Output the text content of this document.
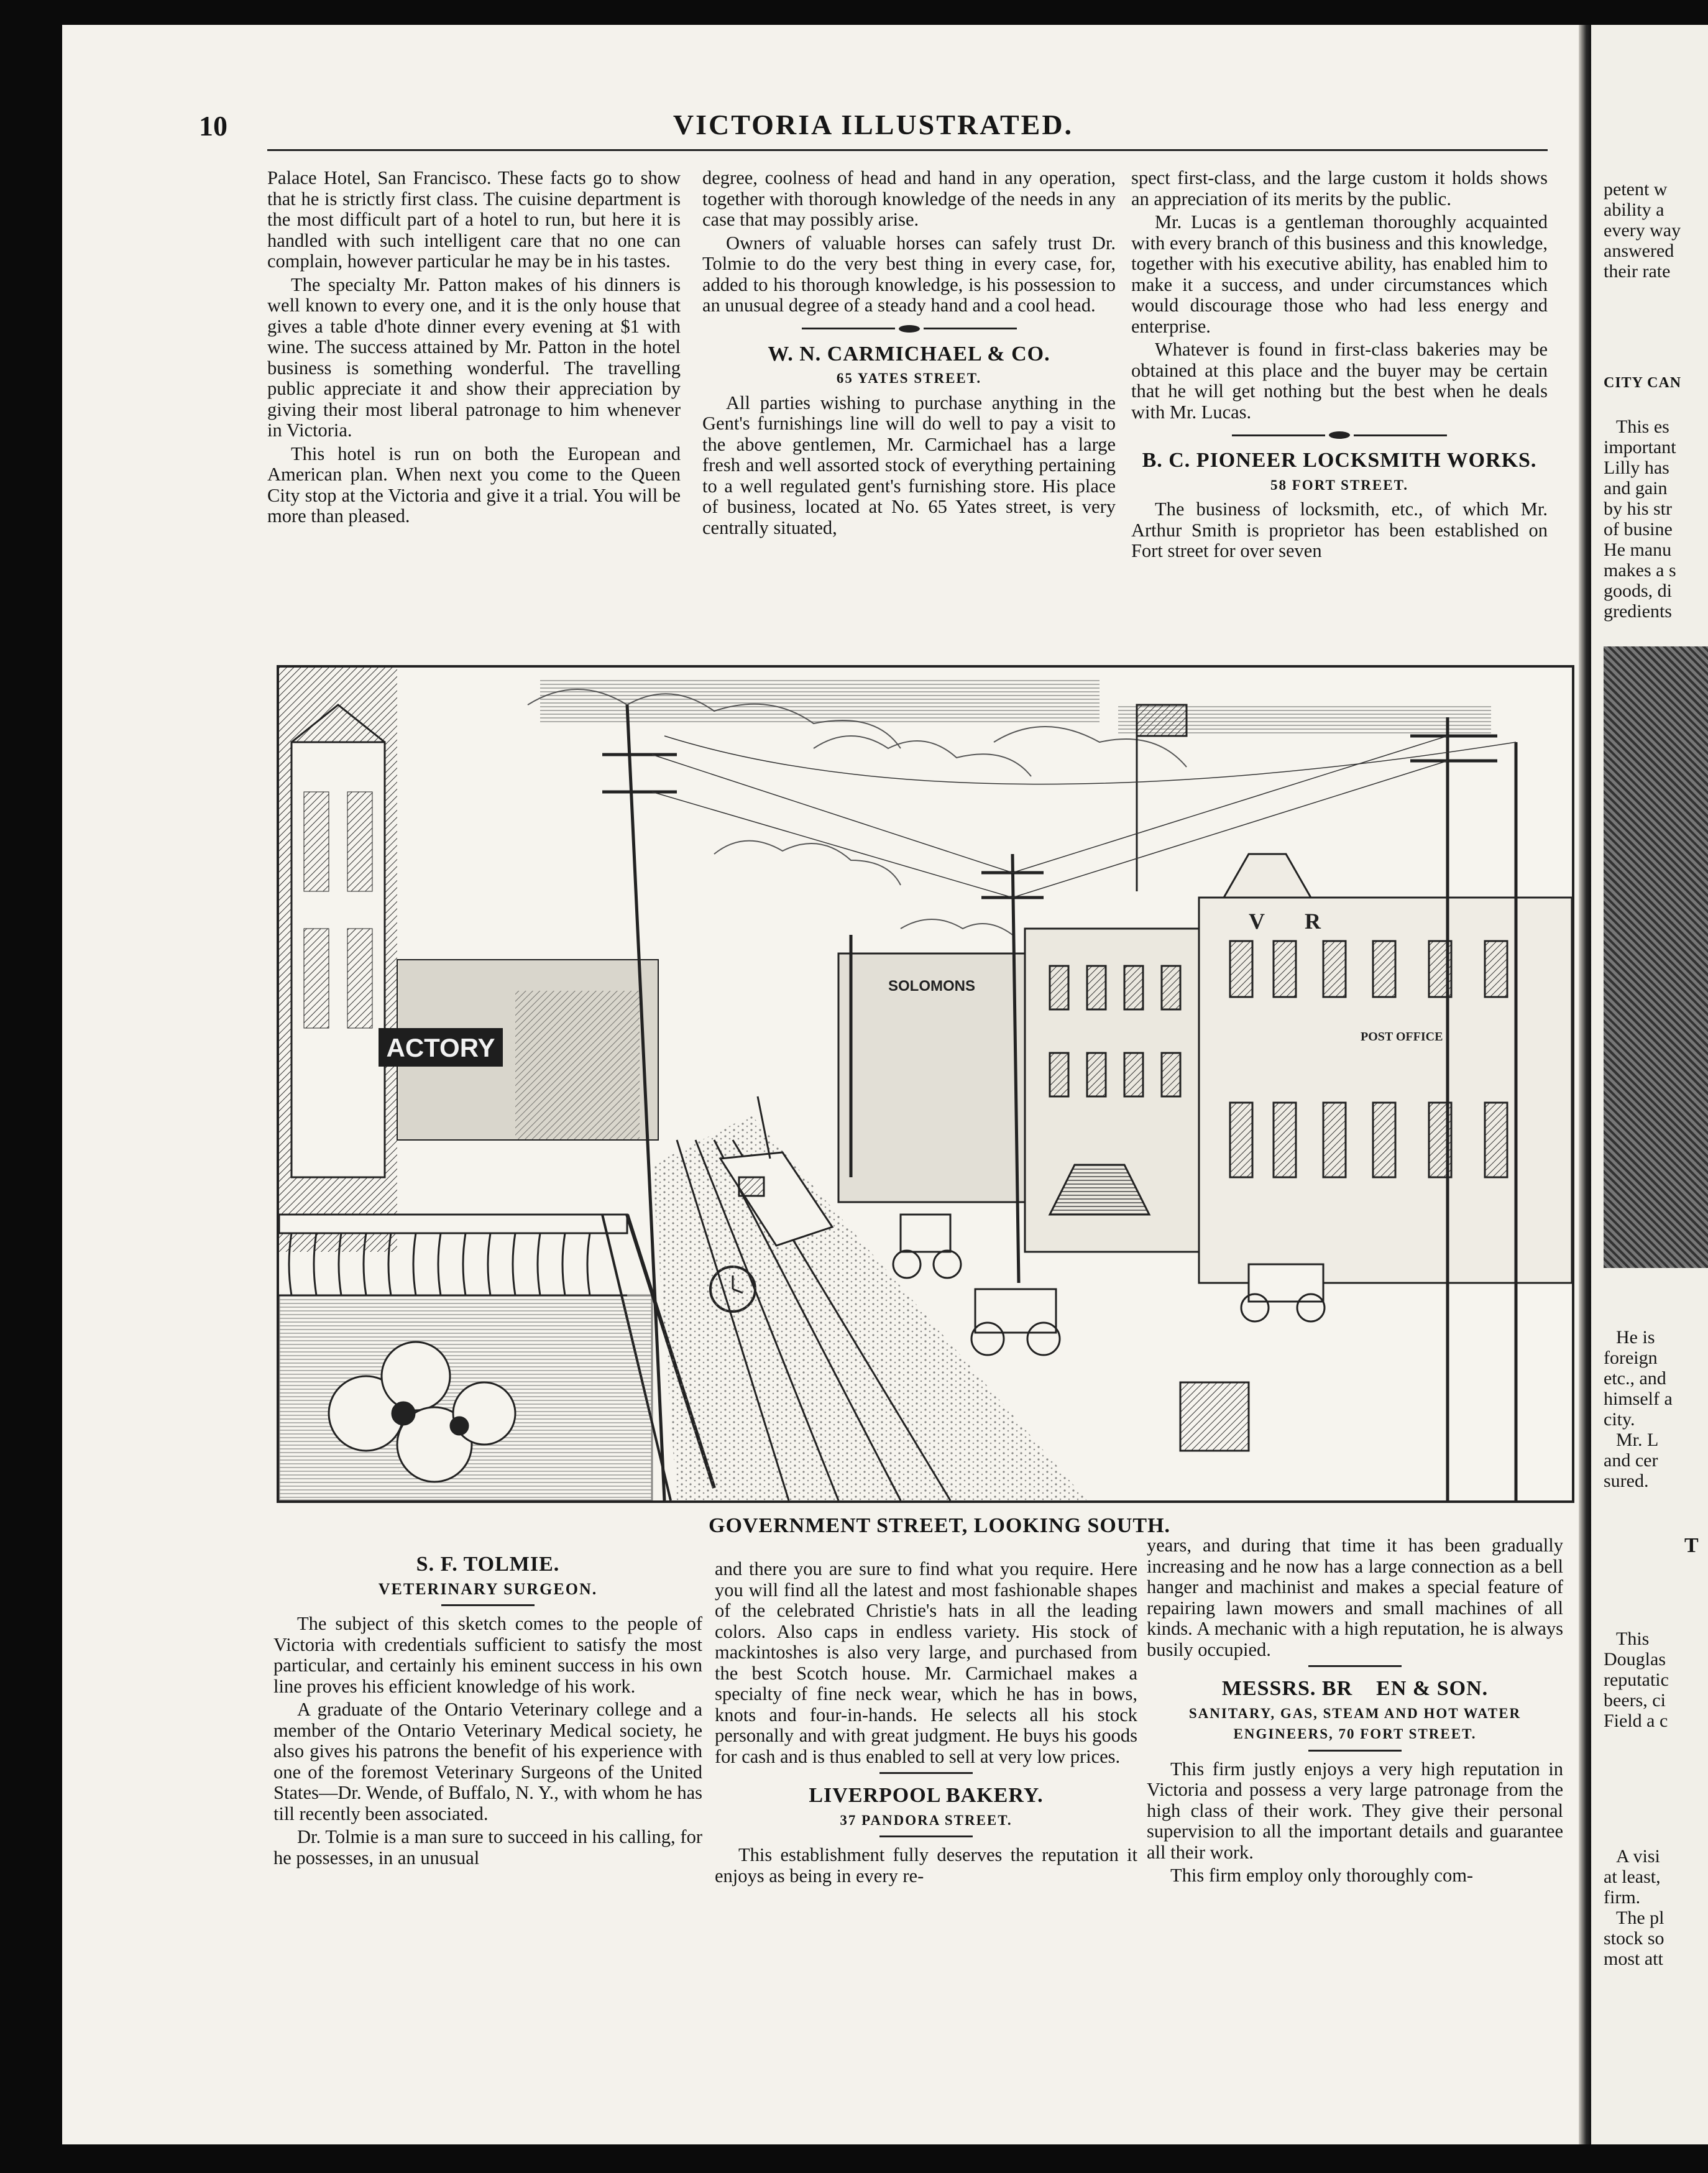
10	VICTORIA ILLUSTRATED.

Palace Hotel, San Francisco. These facts go to show that he is strictly first class. The cuisine department is the most difficult part of a hotel to run, but here it is handled with such intelligent care that no one can complain, however particular he may be in his tastes.

The specialty Mr. Patton makes of his dinners is well known to every one, and it is the only house that gives a table d'hote dinner every evening at $1 with wine. The success attained by Mr. Patton in the hotel business is something wonderful. The travelling public appreciate it and show their appreciation by giving their most liberal patronage to him whenever in Victoria.

This hotel is run on both the European and American plan. When next you come to the Queen City stop at the Victoria and give it a trial. You will be more than pleased.

degree, coolness of head and hand in any operation, together with thorough knowledge of the needs in any case that may possibly arise.

Owners of valuable horses can safely trust Dr. Tolmie to do the very best thing in every case, for, added to his thorough knowledge, is his possession to an unusual degree of a steady hand and a cool head.

W. N. CARMICHAEL & CO.
65 YATES STREET.

All parties wishing to purchase anything in the Gent's furnishings line will do well to pay a visit to the above gentlemen, Mr. Carmichael has a large fresh and well assorted stock of everything pertaining to a well regulated gent's furnishing store. His place of business, located at No. 65 Yates street, is very centrally situated,

spect first-class, and the large custom it holds shows an appreciation of its merits by the public.

Mr. Lucas is a gentleman thoroughly acquainted with every branch of this business and this knowledge, together with his executive ability, has enabled him to make it a success, and under circumstances which would discourage those who had less energy and enterprise.

Whatever is found in first-class bakeries may be obtained at this place and the buyer may be certain that he will get nothing but the best when he deals with Mr. Lucas.

B. C. PIONEER LOCKSMITH WORKS.
58 FORT STREET.

The business of locksmith, etc., of which Mr. Arthur Smith is proprietor has been established on Fort street for over seven

ACTORY
SOLOMONS
V R
POST OFFICE
GOVERNMENT STREET, LOOKING SOUTH.
S. F. TOLMIE.
VETERINARY SURGEON.

The subject of this sketch comes to the people of Victoria with credentials sufficient to satisfy the most particular, and certainly his eminent success in his own line proves his efficient knowledge of his work.

A graduate of the Ontario Veterinary college and a member of the Ontario Veterinary Medical society, he also gives his patrons the benefit of his experience with one of the foremost Veterinary Surgeons of the United States—Dr. Wende, of Buffalo, N. Y., with whom he has till recently been associated.

Dr. Tolmie is a man sure to succeed in his calling, for he possesses, in an unusual

and there you are sure to find what you require. Here you will find all the latest and most fashionable shapes of the celebrated Christie's hats in all the leading colors. Also caps in endless variety. His stock of mackintoshes is also very large, and purchased from the best Scotch house. Mr. Carmichael makes a specialty of fine neck wear, which he has in bows, knots and four-in-hands. He selects all his stock personally and with great judgment. He buys his goods for cash and is thus enabled to sell at very low prices.

LIVERPOOL BAKERY.
37 PANDORA STREET.

This establishment fully deserves the reputation it enjoys as being in every re-

years, and during that time it has been gradually increasing and he now has a large connection as a bell hanger and machinist and makes a special feature of repairing lawn mowers and small machines of all kinds. A mechanic with a high reputation, he is always busily occupied.

MESSRS. BR    EN & SON.
SANITARY, GAS, STEAM AND HOT WATER ENGINEERS, 70 FORT STREET.

This firm justly enjoys a very high reputation in Victoria and possess a very large patronage from the high class of their work. They give their personal supervision to all the important details and guarantee all their work.

This firm employ only thoroughly com-

petent w
ability a
every way
answered
their rate
CITY CAN
This es
important
Lilly has
and gain
by his str
of busine
He manu
makes a s
goods, di
gredients
He is
foreign
etc., and
himself a
city.
Mr. L
and cer
sured.
T
This
Douglas
reputatic
beers, ci
Field a c
A visi
at least,
firm.
The pl
stock so
most att
